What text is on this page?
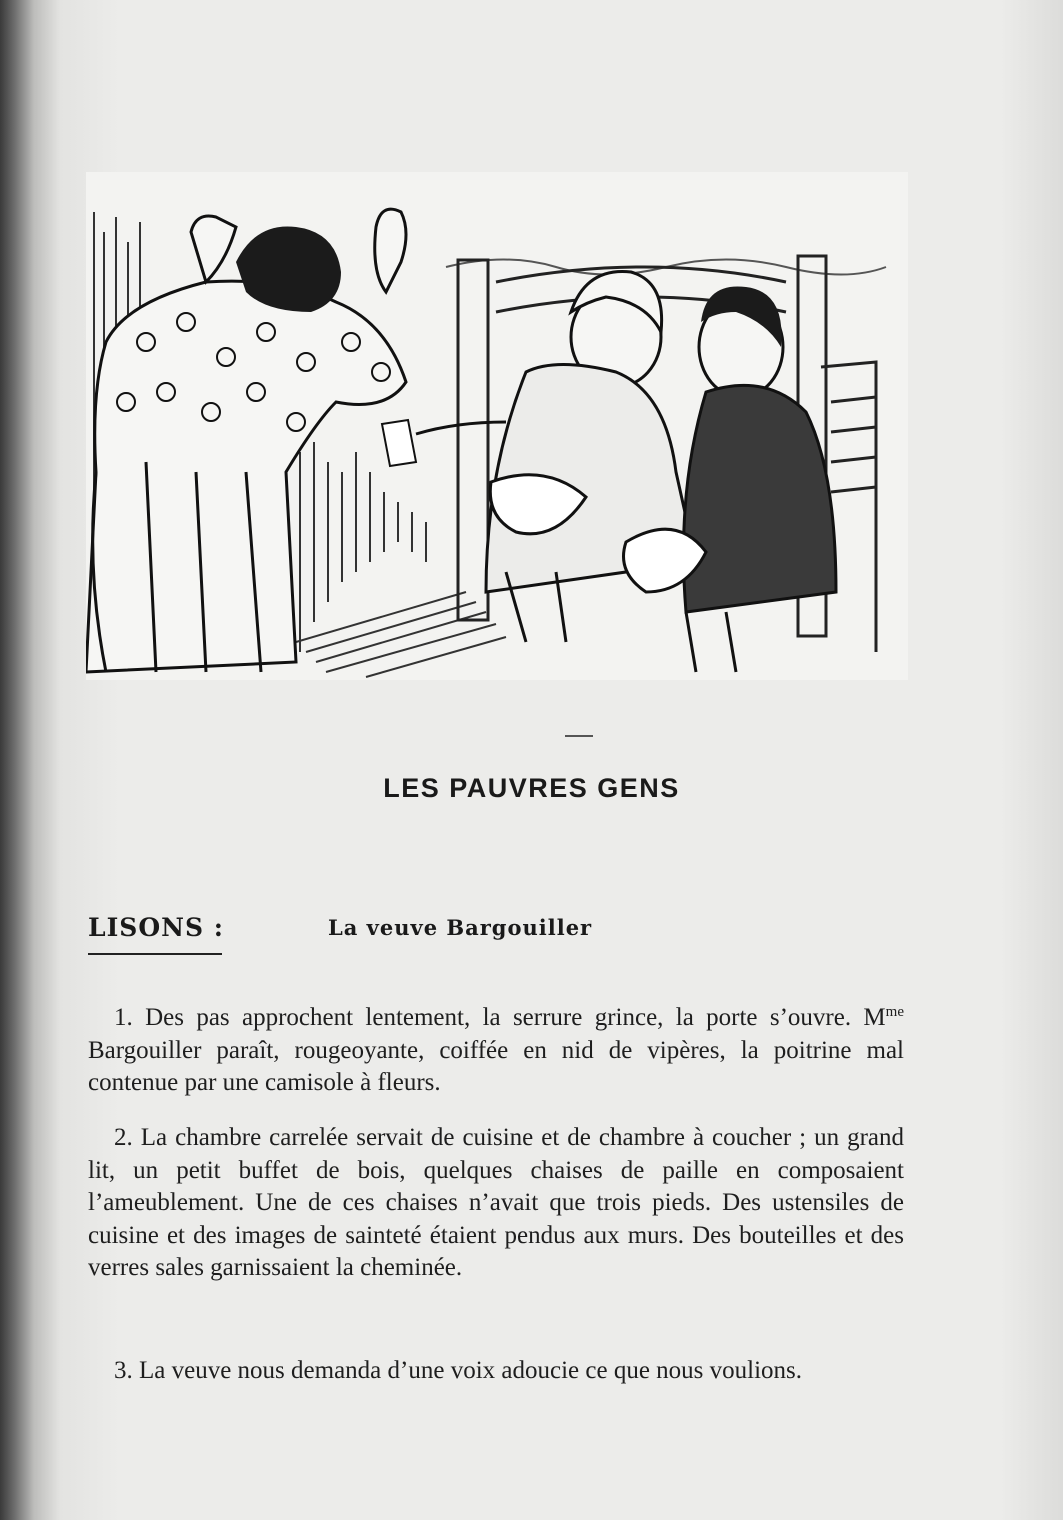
LES PAUVRES GENS
LISONS :	La veuve Bargouiller
1. Des pas approchent lentement, la serrure grince, la porte s’ouvre. $M^{me}$ Bargouiller paraît, rougeoyante, coiffée en nid de vipères, la poitrine mal contenue par une camisole à fleurs.
2. La chambre carrelée servait de cuisine et de chambre à coucher ; un grand lit, un petit buffet de bois, quelques chaises de paille en composaient l’ameublement. Une de ces chaises n’avait que trois pieds. Des ustensiles de cuisine et des images de sainteté étaient pendus aux murs. Des bouteilles et des verres sales garnissaient la cheminée.
3. La veuve nous demanda d’une voix adoucie ce que nous voulions.
